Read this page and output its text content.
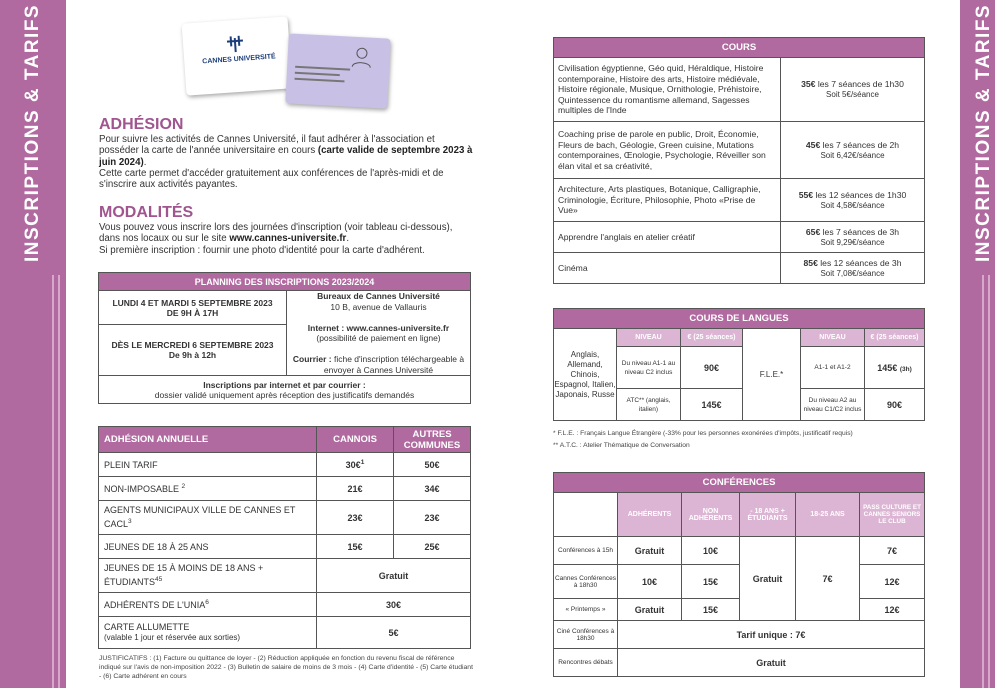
INSCRIPTIONS & TARIFS	INSCRIPTIONS & TARIFS
CANNES UNIVERSITÉ
ADHÉSION
Pour suivre les activités de Cannes Université, il faut adhérer à l'association et posséder la carte de l'année universitaire en cours (carte valide de septembre 2023 à juin 2024).
Cette carte permet d'accéder gratuitement aux conférences de l'après-midi et de s'inscrire aux activités payantes.
MODALITÉS
Vous pouvez vous inscrire lors des journées d'inscription (voir tableau ci-dessous), dans nos locaux ou sur le site www.cannes-universite.fr.
Si première inscription : fournir une photo d'identité pour la carte d'adhérent.
PLANNING DES INSCRIPTIONS 2023/2024
LUNDI 4 ET MARDI 5 SEPTEMBRE 2023
DE 9H À 17H	Bureaux de Cannes Université
10 B, avenue de Vallauris

Internet : www.cannes-universite.fr
(possibilité de paiement en ligne)

Courrier : fiche d'inscription téléchargeable à envoyer à Cannes Université
DÈS LE MERCREDI 6 SEPTEMBRE 2023
De 9h à 12h
Inscriptions par internet et par courrier :
dossier validé uniquement après réception des justificatifs demandés
ADHÉSION ANNUELLE	CANNOIS	AUTRES COMMUNES
PLEIN TARIF	30€$^1$	50€
NON-IMPOSABLE $^2$	21€	34€
AGENTS MUNICIPAUX VILLE DE CANNES ET CACL$^3$	23€	23€
JEUNES DE 18 À 25 ANS	15€	25€
JEUNES DE 15 À MOINS DE 18 ANS + $ÉTUDIANTS^{45}$	Gratuit	
ADHÉRENTS DE L'UNIA$^6$	30€	
CARTE ALLUMETTE
(valable 1 jour et réservée aux sorties)	5€	
JUSTIFICATIFS : (1) Facture ou quittance de loyer - (2) Réduction appliquée en fonction du revenu fiscal de référence indiqué sur l'avis de non-imposition 2022 - (3) Bulletin de salaire de moins de 3 mois - (4) Carte d'identité - (5) Carte étudiant - (6) Carte adhérent en cours
COURS	
Civilisation égyptienne, Géo quid, Héraldique, Histoire contemporaine, Histoire des arts, Histoire médiévale, Histoire régionale, Musique, Ornithologie, Préhistoire, Quintessence du romantisme allemand, Sagesses multiples de l'Inde	35€ les 7 séances de 1h30
Soit 5€/séance
Coaching prise de parole en public, Droit, Économie, Fleurs de bach, Géologie, Green cuisine, Mutations contemporaines, Œnologie, Psychologie, Réveiller son élan vital et sa créativité,	45€ les 7 séances de 2h
Soit 6,42€/séance
Architecture, Arts plastiques, Botanique, Calligraphie, Criminologie, Écriture, Philosophie, Photo «Prise de Vue»	55€ les 12 séances de 1h30
Soit 4,58€/séance
Apprendre l'anglais en atelier créatif	65€ les 7 séances de 3h
Soit 9,29€/séance
Cinéma	85€ les 12 séances de 3h
Soit 7,08€/séance
COURS DE LANGUES					
Anglais, Allemand, Chinois, Espagnol, Italien, Japonais, Russe	NIVEAU	€ (25 séances)	F.L.E.*	NIVEAU	€ (25 séances)
	Du niveau A1-1 au niveau C2 inclus	90€		A1-1 et A1-2	145€ (3h)
	ATC** (anglais, italien)	145€		Du niveau A2 au niveau C1/C2 inclus	90€
* F.L.E. : Français Langue Étrangère (-33% pour les personnes exonérées d'impôts, justificatif requis)
** A.T.C. : Atelier Thématique de Conversation
CONFÉRENCES					
	ADHÉRENTS	NON ADHÉRENTS	- 18 ANS + ÉTUDIANTS	18-25 ANS	PASS CULTURE ET CANNES SENIORS LE CLUB
Conférences à 15h	Gratuit	10€	Gratuit	7€	7€
Cannes Conférences à 18h30	10€	15€			12€
« Printemps »	Gratuit	15€			12€
Ciné Conférences à 18h30	Tarif unique : 7€				
Rencontres débats	Gratuit				
